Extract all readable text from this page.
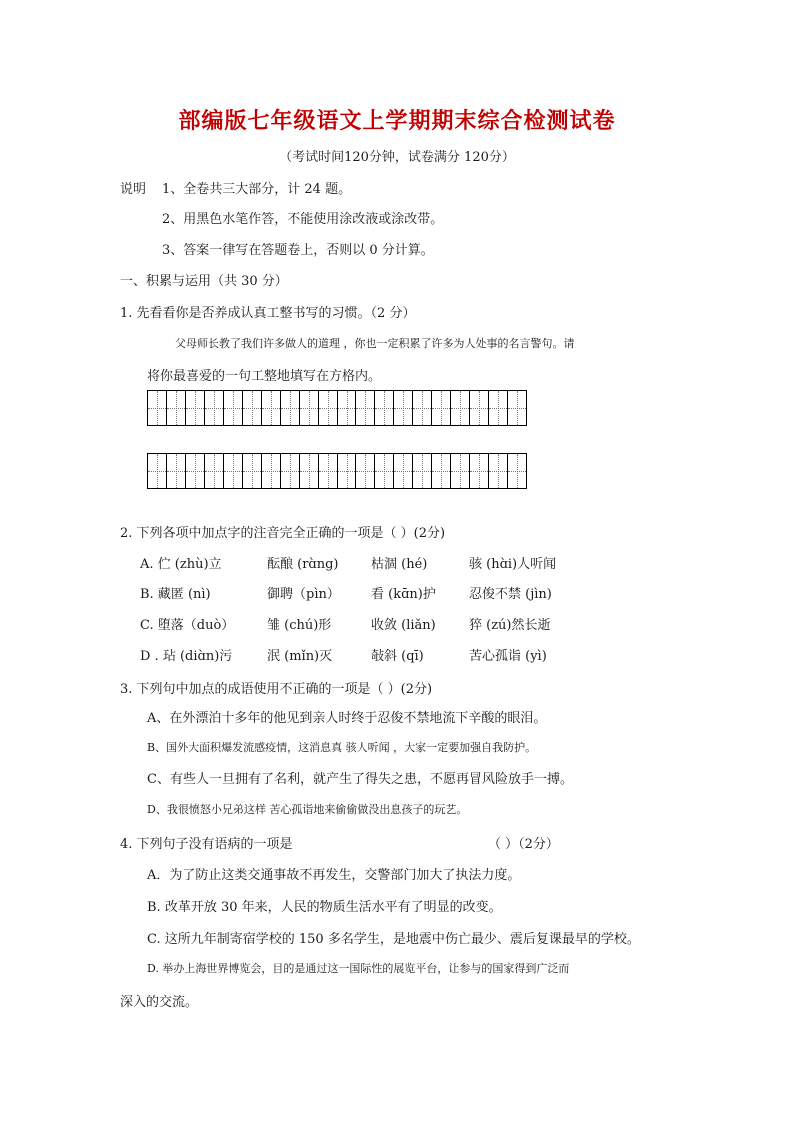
部编版七年级语文上学期期末综合检测试卷
（考试时间120分钟，试卷满分 120分）
说明 1、全卷共三大部分，计 24 题。
2、用黑色水笔作答，不能使用涂改液或涂改带。
3、答案一律写在答题卷上，否则以 0 分计算。
一、积累与运用（共 30 分）
1. 先看看你是否养成认真工整书写的习惯。（2 分）
父母师长教了我们许多做人的道理 ，你也一定积累了许多为人处事的名言警句。请
将你最喜爱的一句工整地填写在方格内。
2. 下列各项中加点字的注音完全正确的一项是（ ）(2分)
A. 伫 (zhù)立	酝酿 (rɑ̀ng) 枯涸 (hé)	骇 (hɑ̀i)人听闻
B. 藏匿 (nì)	御聘（pìn） 看 (kɑ̄n)护	忍俊不禁 (jìn)
C. 堕落（duò）	雏 (chú)形	收敛 (liǎn)	猝 (zú)然长逝
D . 玷 (diɑ̀n)污	泯 (mǐn)灭	敧斜 (qī)	苦心孤诣 (yì)
3. 下列句中加点的成语使用不正确的一项是（ ）(2分)
A、在外漂泊十多年的他见到亲人时终于忍俊不禁地流下辛酸的眼泪。
B、国外大面积爆发流感疫情，这消息真 骇人听闻 ，大家一定要加强自我防护。
C、有些人一旦拥有了名利，就产生了得失之患，不愿再冒风险放手一搏。
D、我很愤怒小兄弟这样 苦心孤诣地来偷偷做没出息孩子的玩艺。
4. 下列句子没有语病的一项是	（ ）（2分）
A．为了防止这类交通事故不再发生，交警部门加大了执法力度。
B. 改革开放 30 年来，人民的物质生活水平有了明显的改变。
C. 这所九年制寄宿学校的 150 多名学生，是地震中伤亡最少、震后复课最早的学校。
D. 举办上海世界博览会，目的是通过这一国际性的展览平台，让参与的国家得到广泛而
深入的交流。
